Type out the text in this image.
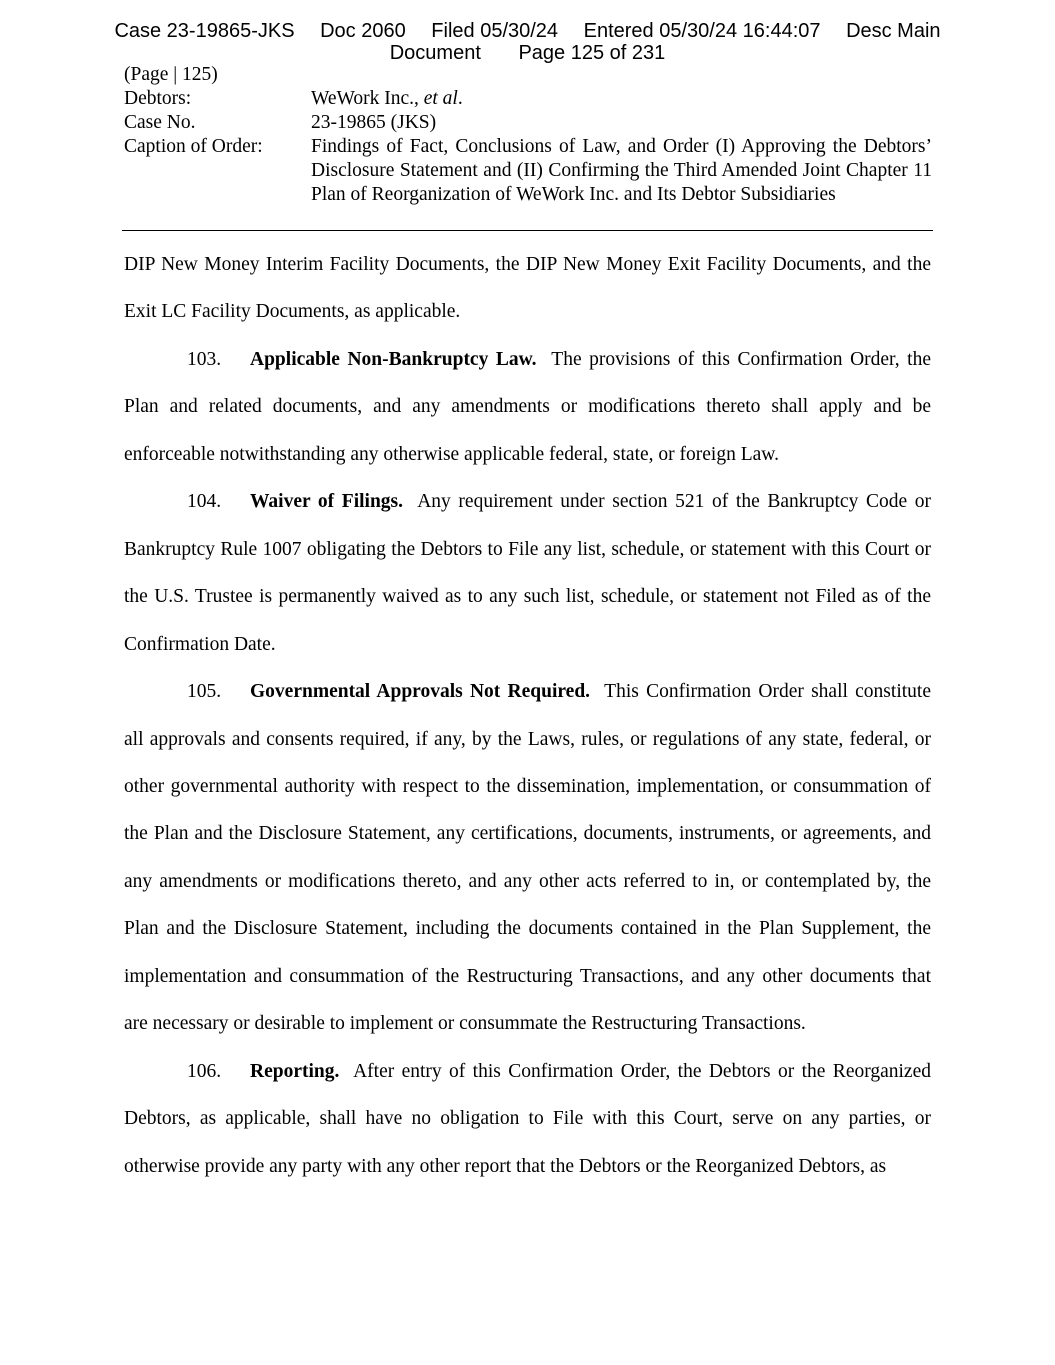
Case 23-19865-JKS Doc 2060 Filed 05/30/24 Entered 05/30/24 16:44:07 Desc Main
Document Page 125 of 231
(Page | 125)
Debtors:	WeWork Inc., et al.
Case No.	23-19865 (JKS)
Caption of Order:	Findings of Fact, Conclusions of Law, and Order (I) Approving the Debtors’ Disclosure Statement and (II) Confirming the Third Amended Joint Chapter 11 Plan of Reorganization of WeWork Inc. and Its Debtor Subsidiaries

DIP New Money Interim Facility Documents, the DIP New Money Exit Facility Documents, and the Exit LC Facility Documents, as applicable.

103. Applicable Non-Bankruptcy Law. The provisions of this Confirmation Order, the Plan and related documents, and any amendments or modifications thereto shall apply and be enforceable notwithstanding any otherwise applicable federal, state, or foreign Law.

104. Waiver of Filings. Any requirement under section 521 of the Bankruptcy Code or Bankruptcy Rule 1007 obligating the Debtors to File any list, schedule, or statement with this Court or the U.S. Trustee is permanently waived as to any such list, schedule, or statement not Filed as of the Confirmation Date.

105. Governmental Approvals Not Required. This Confirmation Order shall constitute all approvals and consents required, if any, by the Laws, rules, or regulations of any state, federal, or other governmental authority with respect to the dissemination, implementation, or consummation of the Plan and the Disclosure Statement, any certifications, documents, instruments, or agreements, and any amendments or modifications thereto, and any other acts referred to in, or contemplated by, the Plan and the Disclosure Statement, including the documents contained in the Plan Supplement, the implementation and consummation of the Restructuring Transactions, and any other documents that are necessary or desirable to implement or consummate the Restructuring Transactions.

106. Reporting. After entry of this Confirmation Order, the Debtors or the Reorganized Debtors, as applicable, shall have no obligation to File with this Court, serve on any parties, or otherwise provide any party with any other report that the Debtors or the Reorganized Debtors, as
